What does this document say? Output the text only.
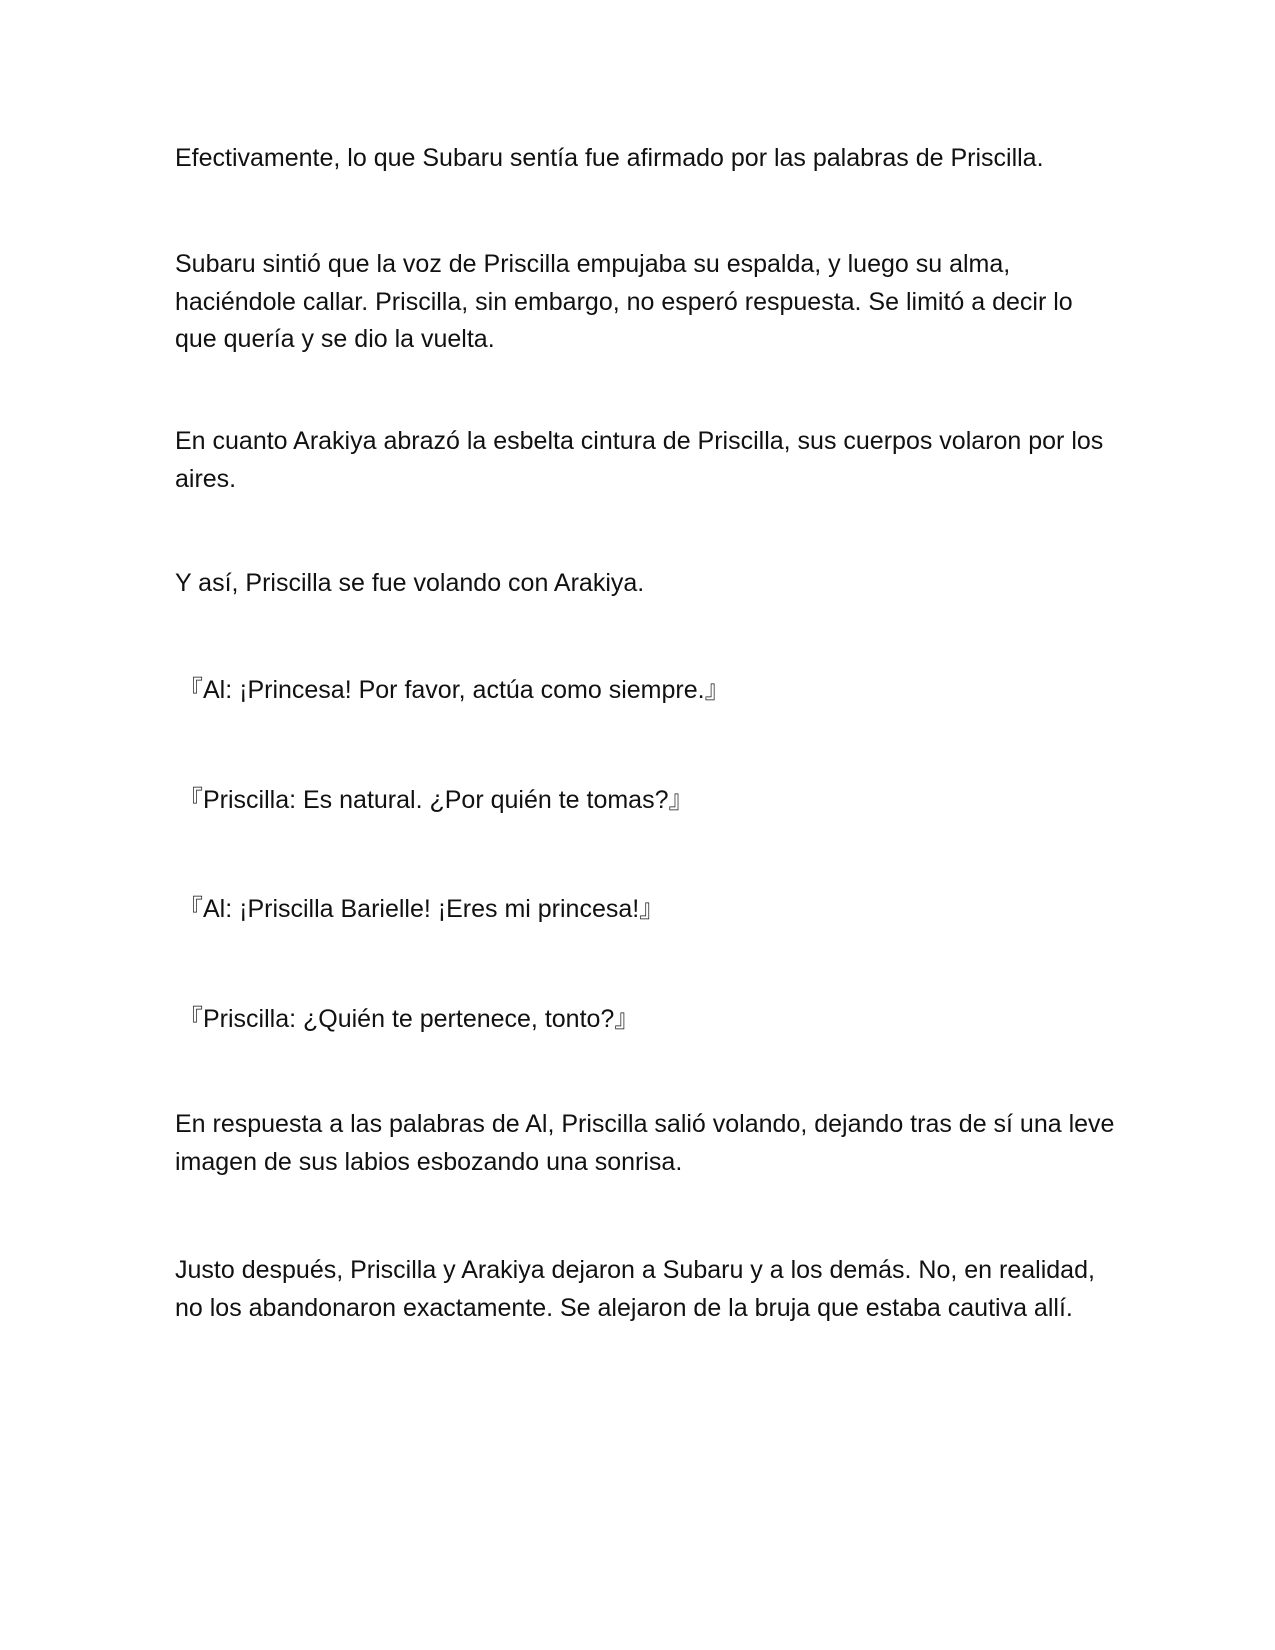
Efectivamente, lo que Subaru sentía fue afirmado por las palabras de Priscilla.

Subaru sintió que la voz de Priscilla empujaba su espalda, y luego su alma, haciéndole callar. Priscilla, sin embargo, no esperó respuesta. Se limitó a decir lo que quería y se dio la vuelta.

En cuanto Arakiya abrazó la esbelta cintura de Priscilla, sus cuerpos volaron por los aires.

Y así, Priscilla se fue volando con Arakiya.

『Al: ¡Princesa! Por favor, actúa como siempre.』

『Priscilla: Es natural. ¿Por quién te tomas?』

『Al: ¡Priscilla Barielle! ¡Eres mi princesa!』

『Priscilla: ¿Quién te pertenece, tonto?』

En respuesta a las palabras de Al, Priscilla salió volando, dejando tras de sí una leve imagen de sus labios esbozando una sonrisa.

Justo después, Priscilla y Arakiya dejaron a Subaru y a los demás. No, en realidad, no los abandonaron exactamente. Se alejaron de la bruja que estaba cautiva allí.
